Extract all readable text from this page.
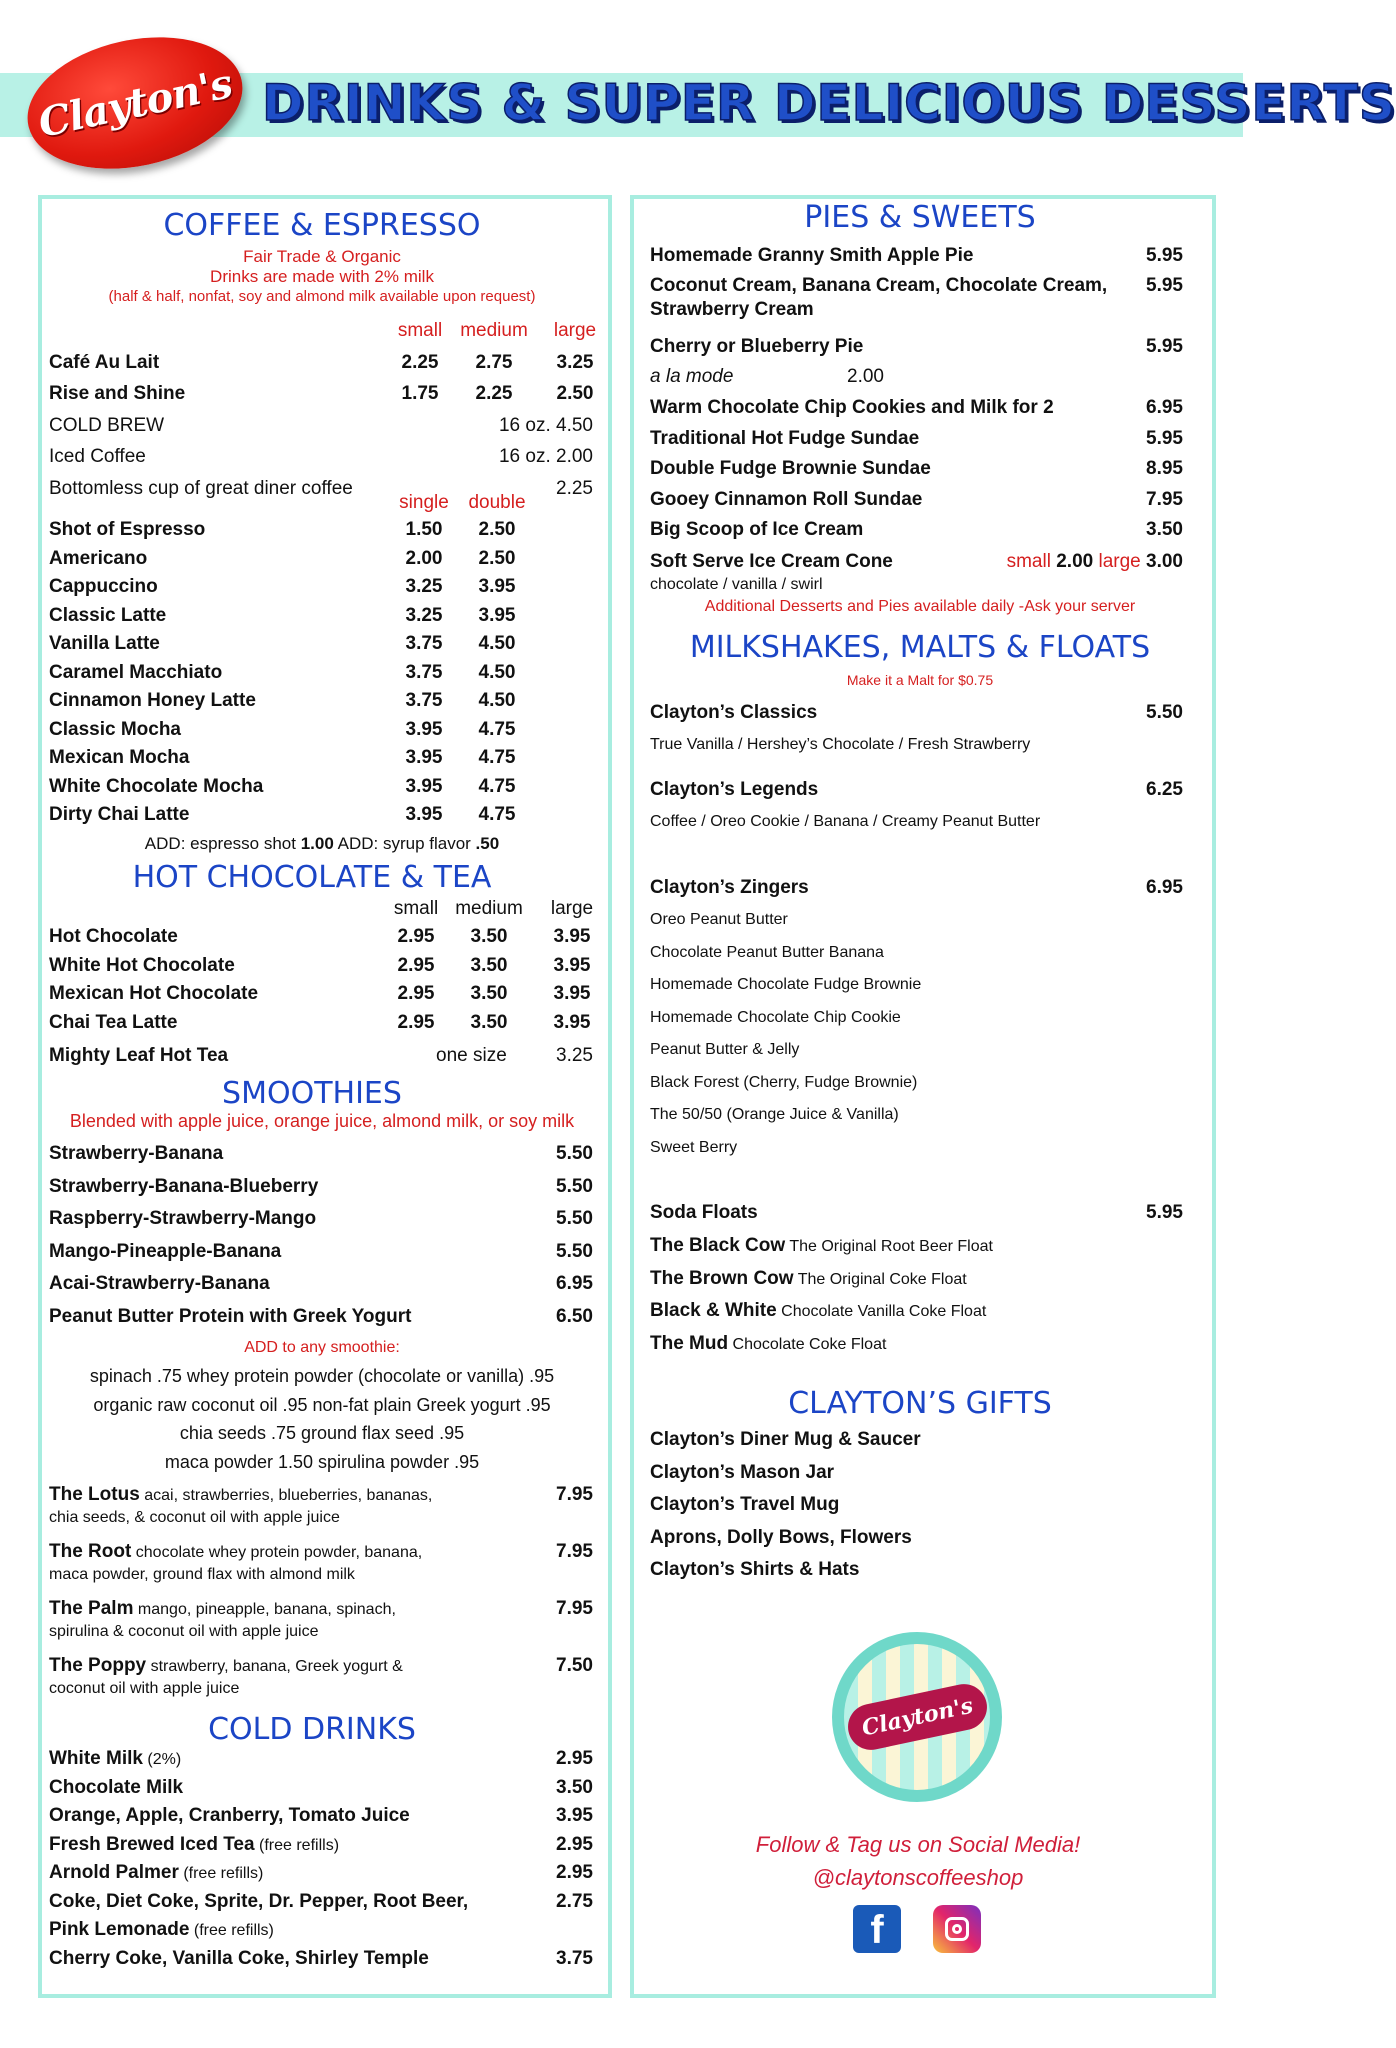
Clayton's DRINKS & SUPER DELICIOUS DESSERTS
COFFEE & ESPRESSO
Fair Trade & Organic
Drinks are made with 2% milk
(half & half, nonfat, soy and almond milk available upon request)
small medium	large
Café Au Lait	2.25	2.75	3.25
Rise and Shine	1.75	2.25	2.50
COLD BREW	16 oz. 4.50
Iced Coffee	16 oz. 2.00
Bottomless cup of great diner coffee	2.25
single	double
Shot of Espresso	1.50	2.50
Americano	2.00	2.50
Cappuccino	3.25	3.95
Classic Latte	3.25	3.95
Vanilla Latte	3.75	4.50
Caramel Macchiato	3.75	4.50
Cinnamon Honey Latte	3.75	4.50
Classic Mocha	3.95	4.75
Mexican Mocha	3.95	4.75
White Chocolate Mocha	3.95	4.75
Dirty Chai Latte	3.95	4.75
ADD: espresso shot 1.00 ADD: syrup flavor .50
HOT CHOCOLATE & TEA
small medium	large
Hot Chocolate	2.95	3.50	3.95
White Hot Chocolate	2.95	3.50	3.95
Mexican Hot Chocolate	2.95	3.50	3.95
Chai Tea Latte	2.95	3.50	3.95
Mighty Leaf Hot Tea	one size	3.25
SMOOTHIES
Blended with apple juice, orange juice, almond milk, or soy milk
Strawberry-Banana	5.50
Strawberry-Banana-Blueberry	5.50
Raspberry-Strawberry-Mango	5.50
Mango-Pineapple-Banana	5.50
Acai-Strawberry-Banana	6.95
Peanut Butter Protein with Greek Yogurt	6.50
ADD to any smoothie:
spinach .75 whey protein powder (chocolate or vanilla) .95
organic raw coconut oil .95 non-fat plain Greek yogurt .95
chia seeds .75 ground flax seed .95
maca powder 1.50 spirulina powder .95
The Lotus acai, strawberries, blueberries, bananas,
chia seeds, & coconut oil with apple juice
7.95
The Root chocolate whey protein powder, banana,
maca powder, ground flax with almond milk
7.95
The Palm mango, pineapple, banana, spinach,
spirulina & coconut oil with apple juice
7.95
The Poppy strawberry, banana, Greek yogurt &
coconut oil with apple juice
7.50
COLD DRINKS
White Milk (2%)	2.95
Chocolate Milk	3.50
Orange, Apple, Cranberry, Tomato Juice	3.95
Fresh Brewed Iced Tea (free refills)	2.95
Arnold Palmer (free refills)	2.95
Coke, Diet Coke, Sprite, Dr. Pepper, Root Beer,	2.75
Pink Lemonade (free refills)
Cherry Coke, Vanilla Coke, Shirley Temple	3.75
PIES & SWEETS
Homemade Granny Smith Apple Pie	5.95
Coconut Cream, Banana Cream, Chocolate Cream,
Strawberry Cream
5.95
Cherry or Blueberry Pie	5.95
a la mode	2.00
Warm Chocolate Chip Cookies and Milk for 2	6.95
Traditional Hot Fudge Sundae	5.95
Double Fudge Brownie Sundae	8.95
Gooey Cinnamon Roll Sundae	7.95
Big Scoop of Ice Cream	3.50
Soft Serve Ice Cream Cone	small 2.00 large 3.00
chocolate / vanilla / swirl
Additional Desserts and Pies available daily -Ask your server
MILKSHAKES, MALTS & FLOATS
Make it a Malt for $0.75
Clayton’s Classics	5.50
True Vanilla / Hershey’s Chocolate / Fresh Strawberry
Clayton’s Legends	6.25
Coffee / Oreo Cookie / Banana / Creamy Peanut Butter
Clayton’s Zingers	6.95
Oreo Peanut Butter
Chocolate Peanut Butter Banana
Homemade Chocolate Fudge Brownie
Homemade Chocolate Chip Cookie
Peanut Butter & Jelly
Black Forest (Cherry, Fudge Brownie)
The 50/50 (Orange Juice & Vanilla)
Sweet Berry
Soda Floats	5.95
The Black Cow The Original Root Beer Float
The Brown Cow The Original Coke Float
Black & White Chocolate Vanilla Coke Float
The Mud Chocolate Coke Float
CLAYTON’S GIFTS
Clayton’s Diner Mug & Saucer
Clayton’s Mason Jar
Clayton’s Travel Mug
Aprons, Dolly Bows, Flowers
Clayton’s Shirts & Hats
Clayton's
Follow & Tag us on Social Media!
@claytonscoffeeshop
f
